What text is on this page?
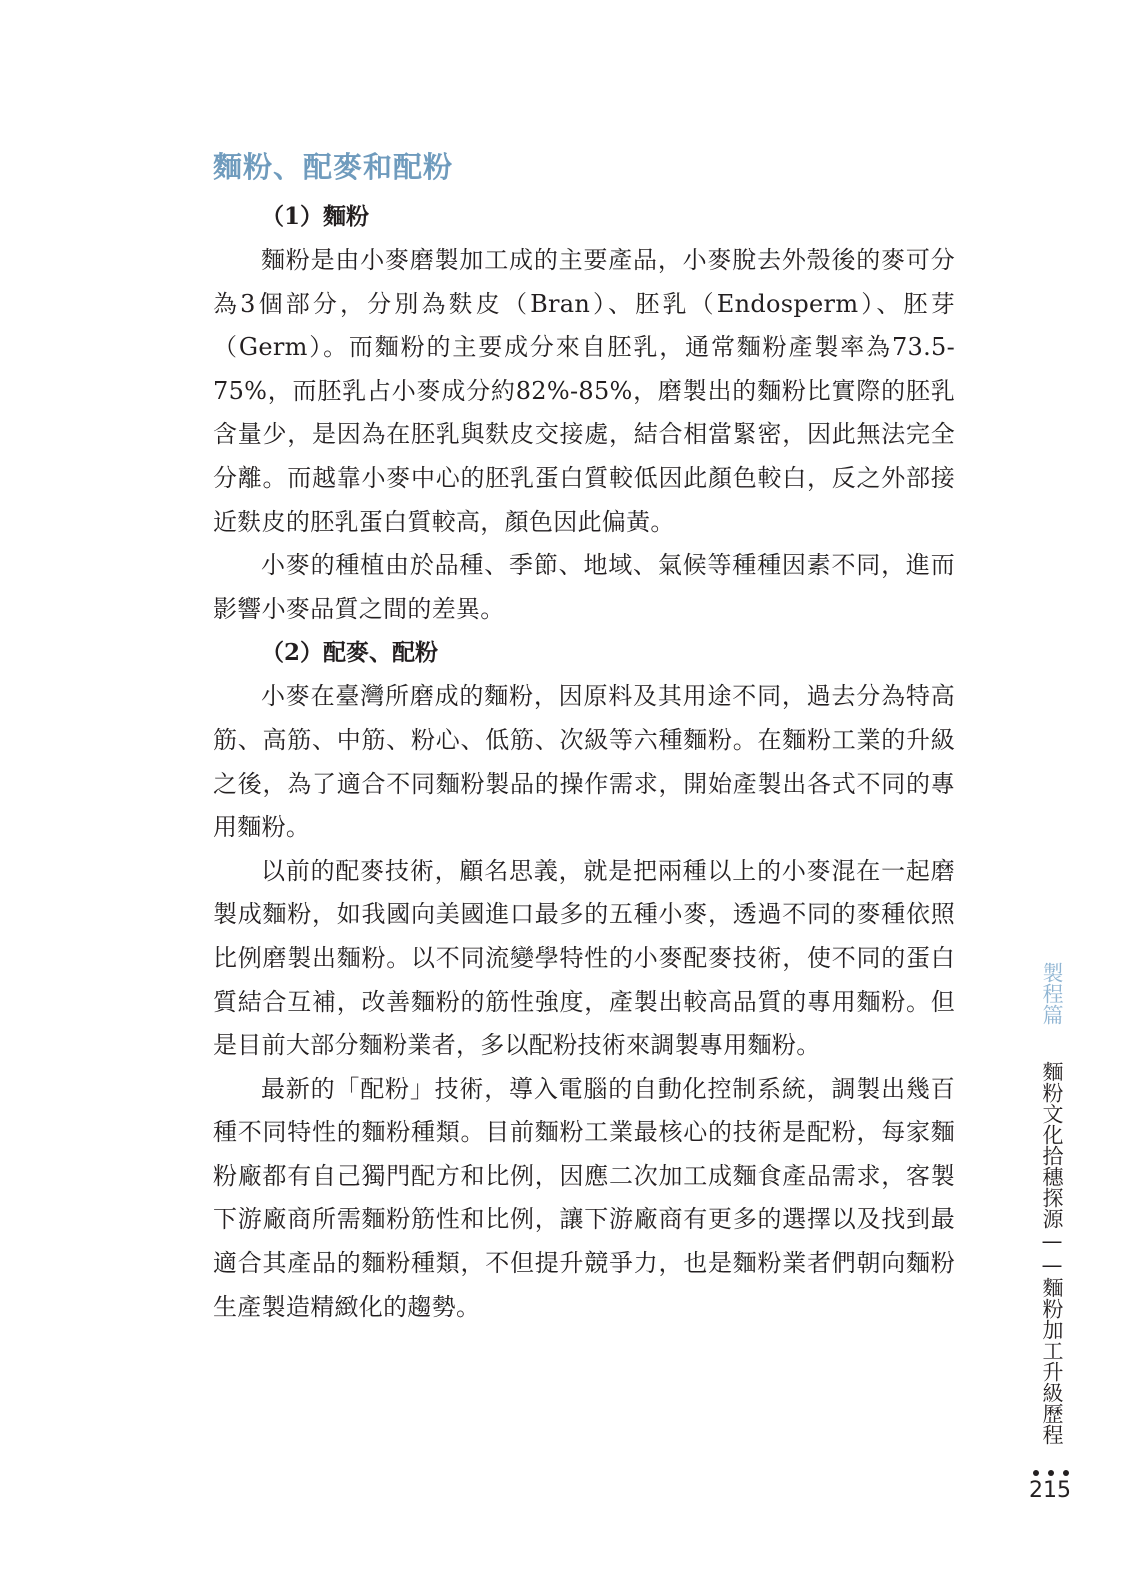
麵粉、配麥和配粉
（1）麵粉

麵粉是由小麥磨製加工成的主要產品，小麥脫去外殼後的麥可分為3個部分，分別為麩皮（Bran）、胚乳（Endosperm）、胚芽（Germ）。而麵粉的主要成分來自胚乳，通常麵粉產製率為73.5-75%，而胚乳占小麥成分約82%-85%，磨製出的麵粉比實際的胚乳含量少，是因為在胚乳與麩皮交接處，結合相當緊密，因此無法完全分離。而越靠小麥中心的胚乳蛋白質較低因此顏色較白，反之外部接近麩皮的胚乳蛋白質較高，顏色因此偏黃。

小麥的種植由於品種、季節、地域、氣候等種種因素不同，進而影響小麥品質之間的差異。

（2）配麥、配粉

小麥在臺灣所磨成的麵粉，因原料及其用途不同，過去分為特高筋、高筋、中筋、粉心、低筋、次級等六種麵粉。在麵粉工業的升級之後，為了適合不同麵粉製品的操作需求，開始產製出各式不同的專用麵粉。

以前的配麥技術，顧名思義，就是把兩種以上的小麥混在一起磨製成麵粉，如我國向美國進口最多的五種小麥，透過不同的麥種依照比例磨製出麵粉。以不同流變學特性的小麥配麥技術，使不同的蛋白質結合互補，改善麵粉的筋性強度，產製出較高品質的專用麵粉。但是目前大部分麵粉業者，多以配粉技術來調製專用麵粉。

最新的「配粉」技術，導入電腦的自動化控制系統，調製出幾百種不同特性的麵粉種類。目前麵粉工業最核心的技術是配粉，每家麵粉廠都有自己獨門配方和比例，因應二次加工成麵食產品需求，客製下游廠商所需麵粉筋性和比例，讓下游廠商有更多的選擇以及找到最適合其產品的麵粉種類，不但提升競爭力，也是麵粉業者們朝向麵粉生產製造精緻化的趨勢。

製程篇 麵粉文化拾穗探源——麵粉加工升級歷程
215
